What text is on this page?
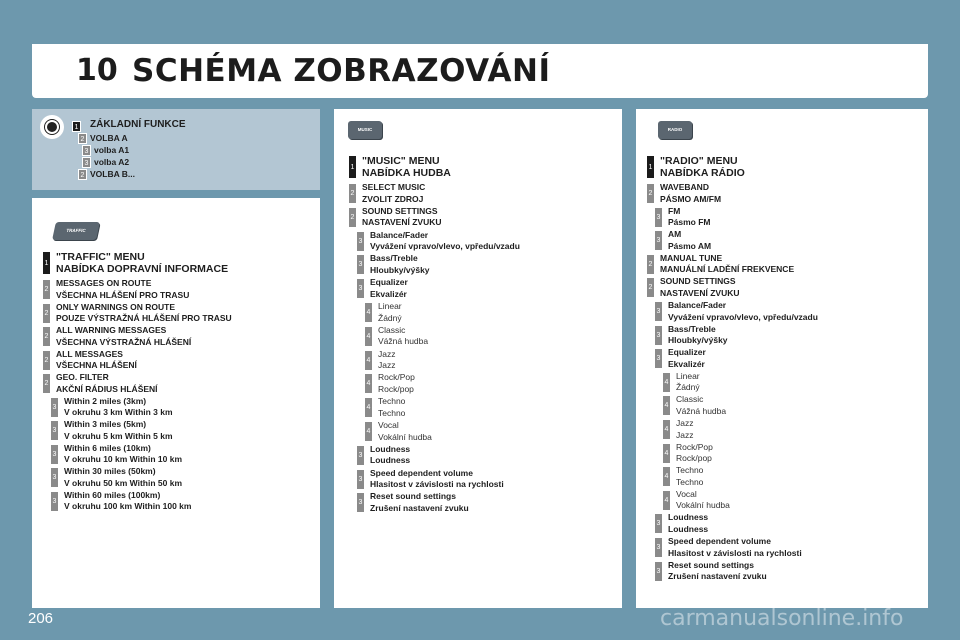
10 SCHÉMA ZOBRAZOVÁNÍ
1 ZÁKLADNÍ FUNKCE
2 VOLBA A
3 volba A1
3 volba A2
2 VOLBA B...
TRAFFIC
1
"TRAFFIC" MENU
NABÍDKA DOPRAVNÍ INFORMACE
2
MESSAGES ON ROUTE
VŠECHNA HLÁŠENÍ PRO TRASU
2
ONLY WARNINGS ON ROUTE
POUZE VÝSTRAŽNÁ HLÁŠENÍ PRO TRASU
2
ALL WARNING MESSAGES
VŠECHNA VÝSTRAŽNÁ HLÁŠENÍ
2
ALL MESSAGES
VŠECHNA HLÁŠENÍ
2
GEO. FILTER
AKČNÍ RÁDIUS HLÁŠENÍ
3
Within 2 miles (3km)
V okruhu 3 km Within 3 km
3
Within 3 miles (5km)
V okruhu 5 km Within 5 km
3
Within 6 miles (10km)
V okruhu 10 km Within 10 km
3
Within 30 miles (50km)
V okruhu 50 km Within 50 km
3
Within 60 miles (100km)
V okruhu 100 km Within 100 km
MUSIC
1
"MUSIC" MENU
NABÍDKA HUDBA
2
SELECT MUSIC
ZVOLIT ZDROJ
2
SOUND SETTINGS
NASTAVENÍ ZVUKU
3
Balance/Fader
Vyvážení vpravo/vlevo, vpředu/vzadu
3
Bass/Treble
Hloubky/výšky
3
Equalizer
Ekvalizér
4
Linear
Žádný
4
Classic
Vážná hudba
4
Jazz
Jazz
4
Rock/Pop
Rock/pop
4
Techno
Techno
4
Vocal
Vokální hudba
3
Loudness
Loudness
3
Speed dependent volume
Hlasitost v závislosti na rychlosti
3
Reset sound settings
Zrušení nastavení zvuku
RADIO
1
"RADIO" MENU
NABÍDKA RÁDIO
2
WAVEBAND
PÁSMO AM/FM
3
FM
Pásmo FM
3
AM
Pásmo AM
2
MANUAL TUNE
MANUÁLNÍ LADĚNÍ FREKVENCE
2
SOUND SETTINGS
NASTAVENÍ ZVUKU
3
Balance/Fader
Vyvážení vpravo/vlevo, vpředu/vzadu
3
Bass/Treble
Hloubky/výšky
3
Equalizer
Ekvalizér
4
Linear
Žádný
4
Classic
Vážná hudba
4
Jazz
Jazz
4
Rock/Pop
Rock/pop
4
Techno
Techno
4
Vocal
Vokální hudba
3
Loudness
Loudness
3
Speed dependent volume
Hlasitost v závislosti na rychlosti
3
Reset sound settings
Zrušení nastavení zvuku
206	carmanualsonline.info
